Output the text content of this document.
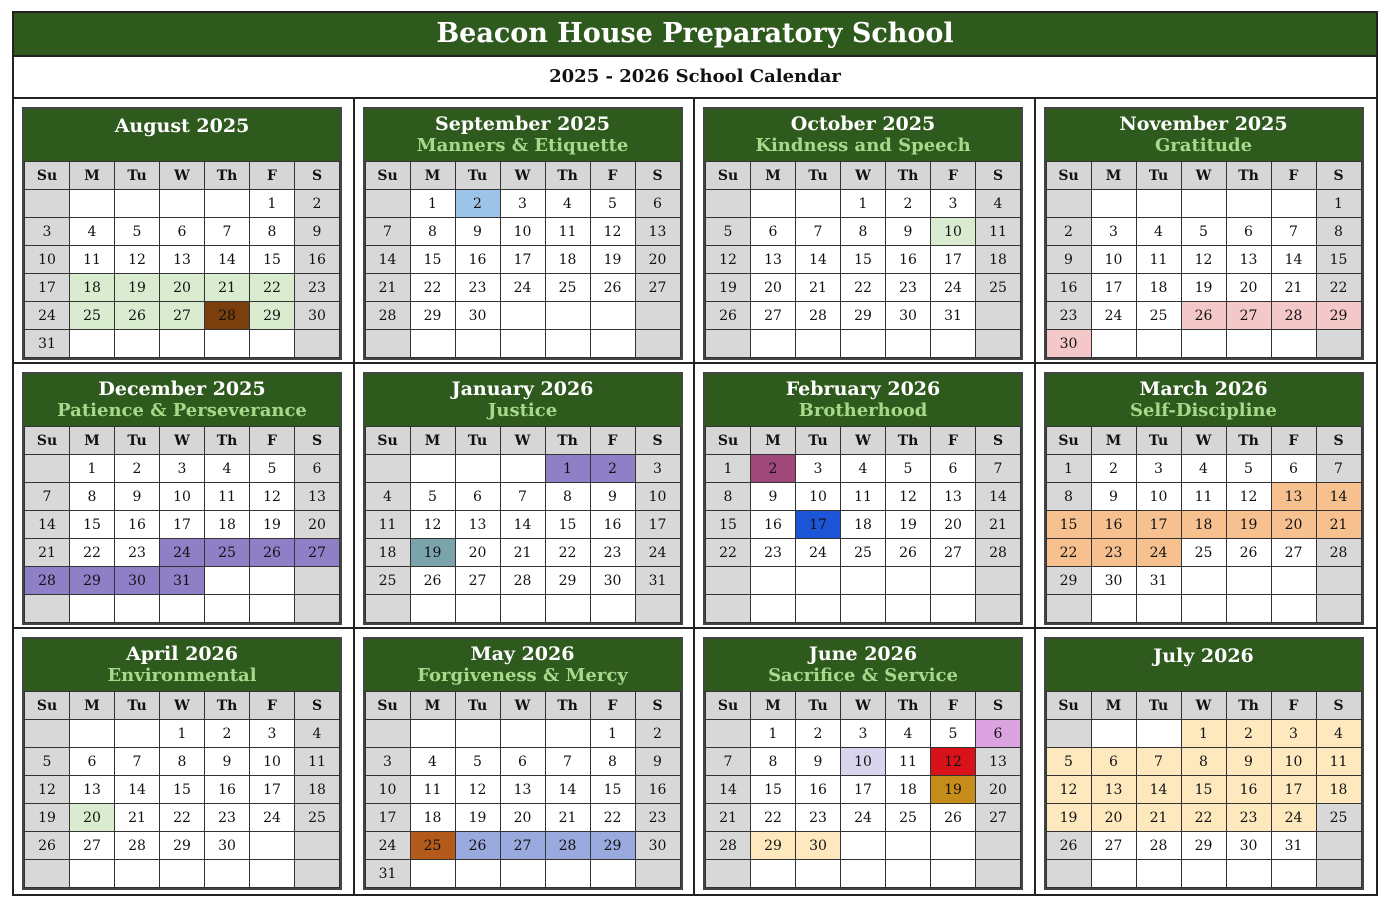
Beacon House Preparatory School
2025 - 2026 School Calendar
August 2025
Su	M	Tu	W	Th	F	S
					1	2
3	4	5	6	7	8	9
10	11	12	13	14	15	16
17	18	19	20	21	22	23
24	25	26	27	28	29	30
31						
September 2025
Manners & Etiquette
Su	M	Tu	W	Th	F	S
	1	2	3	4	5	6
7	8	9	10	11	12	13
14	15	16	17	18	19	20
21	22	23	24	25	26	27
28	29	30				

October 2025
Kindness and Speech
Su	M	Tu	W	Th	F	S
			1	2	3	4
5	6	7	8	9	10	11
12	13	14	15	16	17	18
19	20	21	22	23	24	25
26	27	28	29	30	31	

November 2025
Gratitude
Su	M	Tu	W	Th	F	S
						1
2	3	4	5	6	7	8
9	10	11	12	13	14	15
16	17	18	19	20	21	22
23	24	25	26	27	28	29
30						
December 2025
Patience & Perseverance
Su	M	Tu	W	Th	F	S
	1	2	3	4	5	6
7	8	9	10	11	12	13
14	15	16	17	18	19	20
21	22	23	24	25	26	27
28	29	30	31			

January 2026
Justice
Su	M	Tu	W	Th	F	S
				1	2	3
4	5	6	7	8	9	10
11	12	13	14	15	16	17
18	19	20	21	22	23	24
25	26	27	28	29	30	31

February 2026
Brotherhood
Su	M	Tu	W	Th	F	S
1	2	3	4	5	6	7
8	9	10	11	12	13	14
15	16	17	18	19	20	21
22	23	24	25	26	27	28

March 2026
Self-Discipline
Su	M	Tu	W	Th	F	S
1	2	3	4	5	6	7
8	9	10	11	12	13	14
15	16	17	18	19	20	21
22	23	24	25	26	27	28
29	30	31				

April 2026
Environmental
Su	M	Tu	W	Th	F	S
			1	2	3	4
5	6	7	8	9	10	11
12	13	14	15	16	17	18
19	20	21	22	23	24	25
26	27	28	29	30		

May 2026
Forgiveness & Mercy
Su	M	Tu	W	Th	F	S
					1	2
3	4	5	6	7	8	9
10	11	12	13	14	15	16
17	18	19	20	21	22	23
24	25	26	27	28	29	30
31						
June 2026
Sacrifice & Service
Su	M	Tu	W	Th	F	S
	1	2	3	4	5	6
7	8	9	10	11	12	13
14	15	16	17	18	19	20
21	22	23	24	25	26	27
28	29	30				

July 2026
Su	M	Tu	W	Th	F	S
			1	2	3	4
5	6	7	8	9	10	11
12	13	14	15	16	17	18
19	20	21	22	23	24	25
26	27	28	29	30	31	
